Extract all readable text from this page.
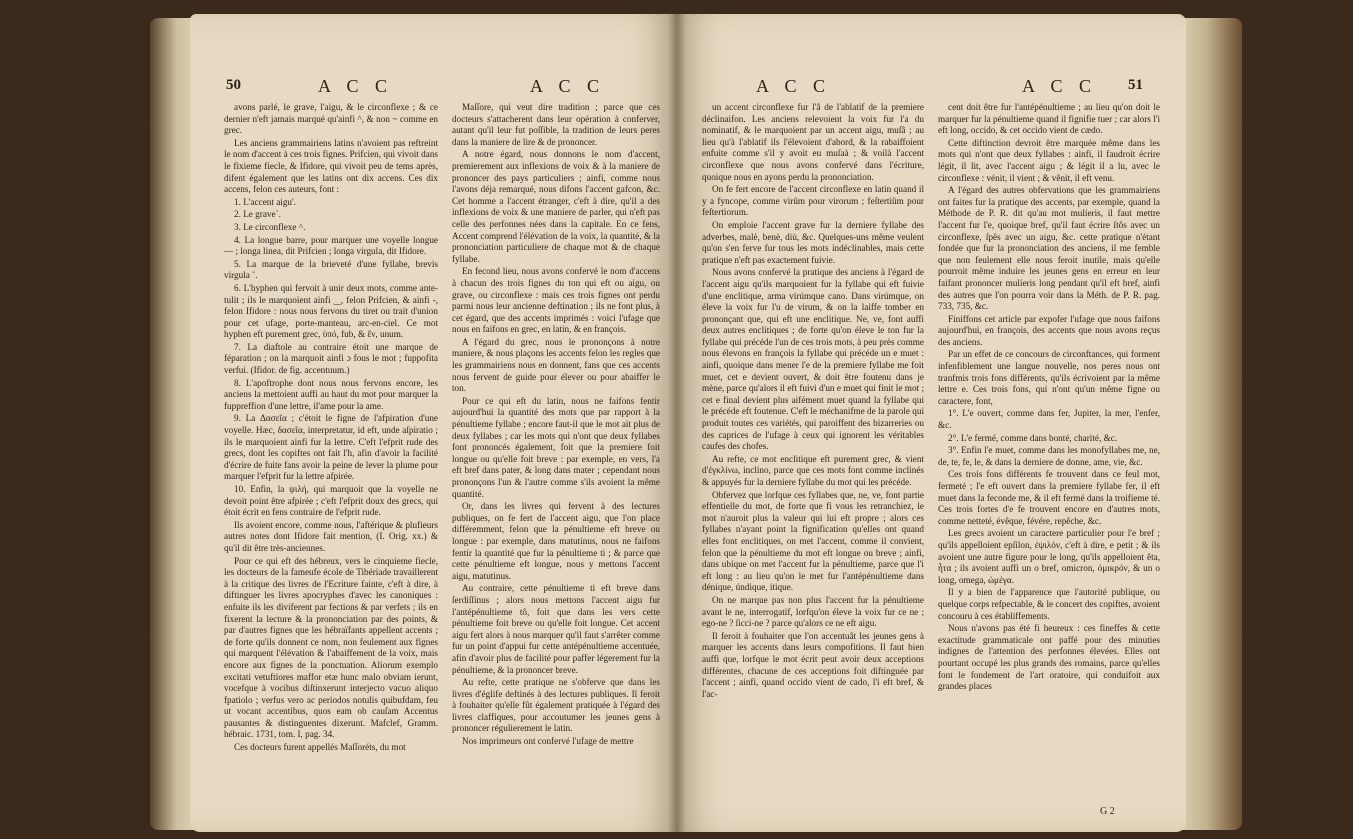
50	A C C	A C C

avons parlé, le grave, l'aigu, & le circonflexe ; & ce dernier n'eft jamais marqué qu'ainfi ^, & non ~ comme en grec.

Les anciens grammairiens latins n'avoient pas reftreint le nom d'accent à ces trois fignes. Prifcien, qui vivoit dans le fixieme fiecle, & Ifidore, qui vivoit peu de tems après, difent également que les latins ont dix accens. Ces dix accens, felon ces auteurs, font :

1. L'accent aigu'.

2. Le grave`.

3. Le circonflexe ^.

4. La longue barre, pour marquer une voyelle longue — ; longa linea, dit Prifcien ; longa virgula, dit Ifidore.

5. La marque de la brieveté d'une fyllabe, brevis virgula ˘.

6. L'hyphen qui fervoit à unir deux mots, comme ante-tulit ; ils le marquoient ainfi ‿, felon Prifcien, & ainfi -, felon Ifidore : nous nous fervons du tiret ou trait d'union pour cet ufage, porte-manteau, arc-en-ciel. Ce mot hyphen eft purement grec, ὑπό, fub, & ἕν, unum.

7. La diaftole au contraire étoit une marque de féparation ; on la marquoit ainfi ɔ fous le mot ; fuppofita verfui. (Ifidor. de fig. accentuum.)

8. L'apoftrophe dont nous nous fervons encore, les anciens la mettoient auffi au haut du mot pour marquer la fuppreffion d'une lettre, il'ame pour la ame.

9. La Δασεῖα ; c'étoit le figne de l'afpiration d'une voyelle. Hæc, δασεῖα, interpretatur, id eft, unde aſpiratio ; ils le marquoient ainfi fur la lettre. C'eft l'efprit rude des grecs, dont les copiftes ont fait l'h, afin d'avoir la facilité d'écrire de fuite fans avoir la peine de lever la plume pour marquer l'efprit fur la lettre afpirée.

10. Enfin, la ψιλή, qui marquoit que la voyelle ne devoit point être afpirée ; c'eft l'efprit doux des grecs, qui étoit écrit en fens contraire de l'efprit rude.

Ils avoient encore, comme nous, l'aftérique & plufieurs autres notes dont Ifidore fait mention, (I. Orig. xx.) & qu'il dit être très-anciennes.

Pour ce qui eft des hébreux, vers le cinquieme fiecle, les docteurs de la fameufe école de Tibériade travaillerent à la critique des livres de l'Ecriture fainte, c'eft à dire, à diftinguer les livres apocryphes d'avec les canoniques : enfuite ils les diviferent par fections & par verfets ; ils en fixerent la lecture & la prononciation par des points, & par d'autres fignes que les hébraïfants appellent accents ; de forte qu'ils donnent ce nom, non feulement aux fignes qui marquent l'élévation & l'abaiffement de la voix, mais encore aux fignes de la ponctuation. Aliorum exemplo excitati vetuftiores maffor etæ hunc malo obviam ierunt, vocefque à vocibus diſtinxerunt interjecto vacuo aliquo fpatiolo ; verfus vero ac periodos notulis quibufdam, feu ut vocant accentibus, quos eam ob cauſam Accentus pausantes & distinguentes dixerunt. Mafclef, Gramm. hébraic. 1731, tom. I, pag. 34.

Ces docteurs furent appellés Maſſoréts, du mot

Maſſore, qui veut dire tradition ; parce que ces docteurs s'attacherent dans leur opération à conferver, autant qu'il leur fut poſſible, la tradition de leurs peres dans la maniere de lire & de prononcer.

A notre égard, nous donnons le nom d'accent, premierement aux inflexions de voix & à la maniere de prononcer des pays particuliers ; ainfi, comme nous l'avons déja remarqué, nous difons l'accent gafcon, &c. Cet homme a l'accent étranger, c'eft à dire, qu'il a des inflexions de voix & une maniere de parler, qui n'eft pas celle des perfonnes nées dans la capitale. En ce fens, Accent comprend l'élévation de la voix, la quantité, & la prononciation particuliere de chaque mot & de chaque fyllabe.

En fecond lieu, nous avons confervé le nom d'accens à chacun des trois fignes du ton qui eft ou aigu, ou grave, ou circonflexe : mais ces trois fignes ont perdu parmi nous leur ancienne deftination ; ils ne font plus, à cet égard, que des accents imprimés : voici l'ufage que nous en faifons en grec, en latin, & en françois.

A l'égard du grec, nous le prononçons à notre maniere, & nous plaçons les accents felon les regles que les grammairiens nous en donnent, fans que ces accents nous fervent de guide pour élever ou pour abaiffer le ton.

Pour ce qui eft du latin, nous ne faifons fentir aujourd'hui la quantité des mots que par rapport à la pénultieme fyllabe ; encore faut-il que le mot ait plus de deux fyllabes ; car les mots qui n'ont que deux fyllabes font prononcés également, foit que la premiere foit longue ou qu'elle foit breve : par exemple, en vers, l'a eft bref dans pater, & long dans mater ; cependant nous prononçons l'un & l'autre comme s'ils avoient la même quantité.

Or, dans les livres qui fervent à des lectures publiques, on fe fert de l'accent aigu, que l'on place différemment, felon que la pénultieme eft breve ou longue : par exemple, dans matutinus, nous ne faifons fentir la quantité que fur la pénultieme ti ; & parce que cette pénultieme eft longue, nous y mettons l'accent aigu, matutinus.

Au contraire, cette pénultieme ti eft breve dans ſerdiſſinus ; alors nous mettons l'accent aigu fur l'antépénultieme tô, foit que dans les vers cette pénultieme foit breve ou qu'elle foit longue. Cet accent aigu fert alors à nous marquer qu'il faut s'arrêter comme fur un point d'appui fur cette antépénultieme accentuée, afin d'avoir plus de facilité pour paffer légerement fur la pénultieme, & la prononcer breve.

Au refte, cette pratique ne s'obferve que dans les livres d'églife deftinés à des lectures publiques. Il feroit à fouhaiter qu'elle fût également pratiquée à l'égard des livres claffiques, pour accoutumer les jeunes gens à prononcer régulierement le latin.

Nos imprimeurs ont confervé l'ufage de mettre

A C C	A C C 51

un accent circonflexe fur l'â de l'ablatif de la premiere déclinaifon. Les anciens relevoient la voix fur l'a du nominatif, & le marquoient par un accent aigu, muſâ ; au lieu qu'à l'ablatif ils l'élevoient d'abord, & la rabaiffoient enfuite comme s'il y avoit eu muſaà ; & voilà l'accent circonflexe que nous avons confervé dans l'écriture, quoique nous en ayons perdu la prononciation.

On fe fert encore de l'accent circonflexe en latin quand il y a fyncope, comme virûm pour virorum ; feſtertiûm pour feſtertiorum.

On emploie l'accent grave fur la derniere fyllabe des adverbes, malè, benè, diù, &c. Quelques-uns même veulent qu'on s'en ferve fur tous les mots indéclinables, mais cette pratique n'eft pas exactement fuivie.

Nous avons confervé la pratique des anciens à l'égard de l'accent aigu qu'ils marquoient fur la fyllabe qui eft fuivie d'une enclitique, arma virúmque cano. Dans virúmque, on éleve la voix fur l'u de virum, & on la laiffe tomber en prononçant que, qui eft une enclitique. Ne, ve, font auffi deux autres enclitiques ; de forte qu'on éleve le ton fur la fyllabe qui précéde l'un de ces trois mots, à peu près comme nous élevons en françois la fyllabe qui précéde un e muet : ainfi, quoique dans mener l'e de la premiere fyllabe me foit muet, cet e devient ouvert, & doit être foutenu dans je mène, parce qu'alors il eft fuivi d'un e muet qui finit le mot ; cet e final devient plus aifément muet quand la fyllabe qui le précéde eft foutenue. C'eft le méchanifme de la parole qui produit toutes ces variétés, qui paroiffent des bizarreries ou des caprices de l'ufage à ceux qui ignorent les véritables caufes des chofes.

Au refte, ce mot enclitique eft purement grec, & vient d'ἐγκλίνω, inclino, parce que ces mots font comme inclinés & appuyés fur la derniere fyllabe du mot qui les précéde.

Obfervez que lorfque ces fyllabes que, ne, ve, font partie effentielle du mot, de forte que fi vous les retranchiez, le mot n'auroit plus la valeur qui lui eft propre ; alors ces fyllabes n'ayant point la fignification qu'elles ont quand elles font enclitiques, on met l'accent, comme il convient, felon que la pénultieme du mot eft longue ou breve ; ainfi, dans ubíque on met l'accent fur la pénultieme, parce que l'i eft long : au lieu qu'on le met fur l'antépénultieme dans déníque, úndique, ítique.

On ne marque pas non plus l'accent fur la pénultieme avant le ne, interrogatif, lorfqu'on éleve la voix fur ce ne ; ego-ne ? ſicci-ne ? parce qu'alors ce ne eft aigu.

Il feroit à fouhaiter que l'on accentuât les jeunes gens à marquer les accents dans leurs compofitions. Il faut bien auffi que, lorfque le mot écrit peut avoir deux acceptions différentes, chacune de ces acceptions foit diftinguée par l'accent ; ainfi, quand occido vient de cado, l'i eft bref, & l'ac-

cent doit être fur l'antépénultieme ; au lieu qu'on doit le marquer fur la pénultieme quand il fignifie tuer ; car alors l'i eft long, occído, & cet occido vient de cædo.

Cette diftinction devroit être marquée même dans les mots qui n'ont que deux fyllabes : ainfi, il faudroit écrire légit, il lit, avec l'accent aigu ; & légit il a lu, avec le circonflexe : vénit, il vient ; & vênit, il eft venu.

A l'égard des autres obfervations que les grammairiens ont faites fur la pratique des accents, par exemple, quand la Méthode de P. R. dit qu'au mot mulíeris, il faut mettre l'accent fur l'e, quoique bref, qu'il faut écrire ſtôs avec un circonflexe, ſpês avec un aigu, &c. cette pratique n'étant fondée que fur la prononciation des anciens, il me femble que non feulement elle nous feroit inutile, mais qu'elle pourroit même induire les jeunes gens en erreur en leur faifant prononcer mulíeris long pendant qu'il eft bref, ainfi des autres que l'on pourra voir dans la Méth. de P. R. pag. 733, 735, &c.

Finiffons cet article par expofer l'ufage que nous faifons aujourd'hui, en françois, des accents que nous avons reçus des anciens.

Par un effet de ce concours de circonftances, qui forment infenfiblement une langue nouvelle, nos peres nous ont tranfmis trois fons différents, qu'ils écrivoient par la même lettre e. Ces trois fons, qui n'ont qu'un même figne ou caractere, font,

1°. L'e ouvert, comme dans fer, Jupiter, la mer, l'enfer, &c.

2°. L'e fermé, comme dans bonté, charité, &c.

3°. Enfin l'e muet, comme dans les monofyllabes me, ne, de, te, fe, le, & dans la derniere de donne, ame, vie, &c.

Ces trois fons différents fe trouvent dans ce feul mot, fermeté ; l'e eft ouvert dans la premiere fyllabe fer, il eft muet dans la feconde me, & il eft fermé dans la troifieme té. Ces trois fortes d'e fe trouvent encore en d'autres mots, comme netteté, évêque, févére, repêche, &c.

Les grecs avoient un caractere particulier pour l'e bref ; qu'ils appelloient epſilon, ἐψιλόν, c'eft à dire, e petit ; & ils avoient une autre figure pour le long, qu'ils appelloient êta, ἦτα ; ils avoient auffi un o bref, omicron, ὀμικρόν, & un o long, omega, ὠμέγα.

Il y a bien de l'apparence que l'autorité publique, ou quelque corps refpectable, & le concert des copiftes, avoient concouru à ces établiffements.

Nous n'avons pas été fi heureux : ces fineffes & cette exactitude grammaticale ont paffé pour des minuties indignes de l'attention des perfonnes élevées. Elles ont pourtant occupé les plus grands des romains, parce qu'elles font le fondement de l'art oratoire, qui conduifoit aux grandes places

G 2
